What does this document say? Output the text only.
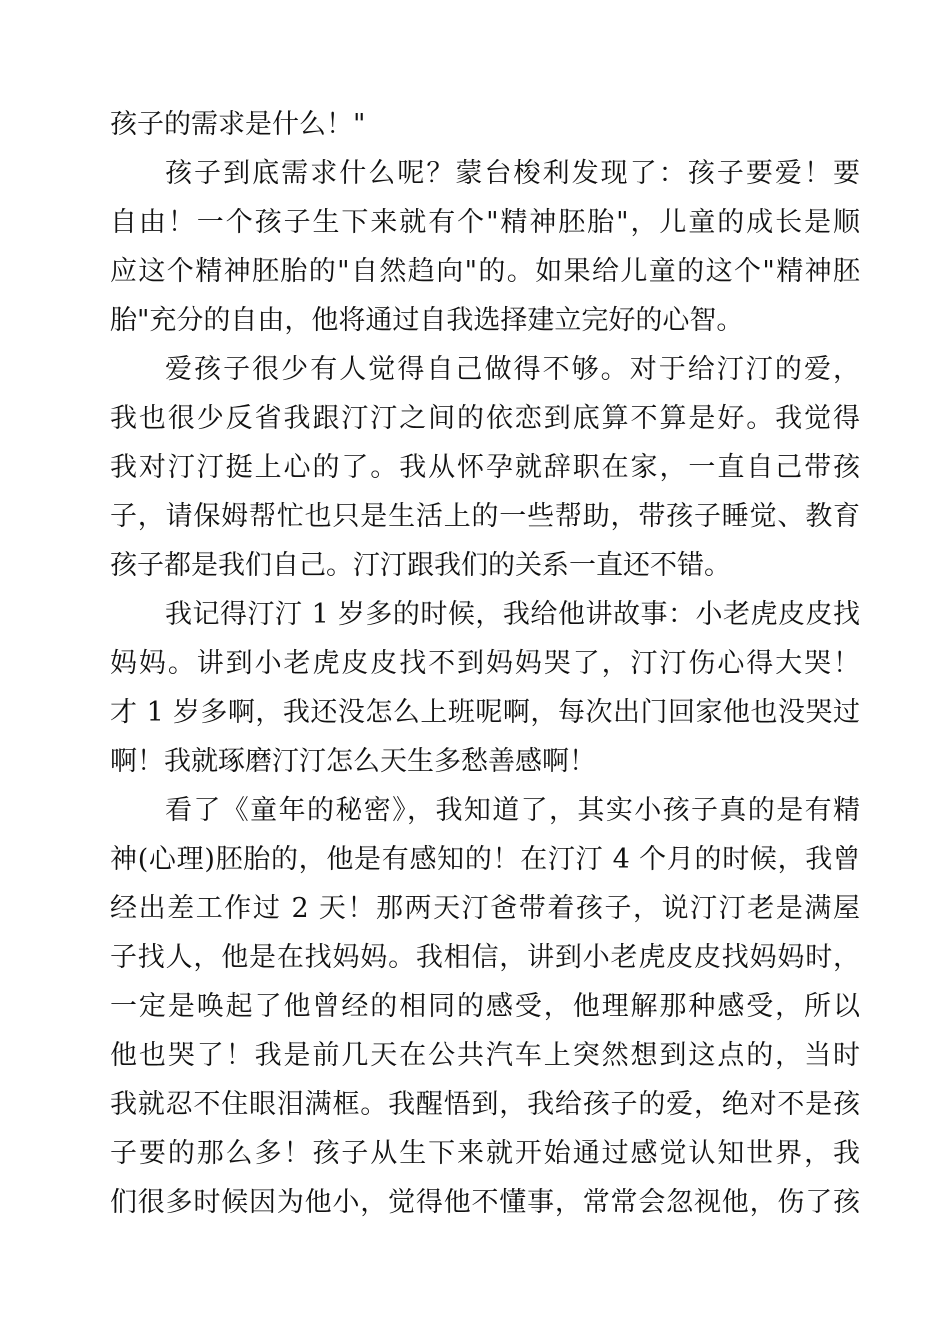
孩子的需求是什么！"

孩子到底需求什么呢？蒙台梭利发现了：孩子要爱！要
自由！一个孩子生下来就有个"精神胚胎"，儿童的成长是顺
应这个精神胚胎的"自然趋向"的。如果给儿童的这个"精神胚
胎"充分的自由，他将通过自我选择建立完好的心智。

爱孩子很少有人觉得自己做得不够。对于给汀汀的爱，
我也很少反省我跟汀汀之间的依恋到底算不算是好。我觉得
我对汀汀挺上心的了。我从怀孕就辞职在家，一直自己带孩
子，请保姆帮忙也只是生活上的一些帮助，带孩子睡觉、教育
孩子都是我们自己。汀汀跟我们的关系一直还不错。

我记得汀汀 1 岁多的时候，我给他讲故事：小老虎皮皮找
妈妈。讲到小老虎皮皮找不到妈妈哭了，汀汀伤心得大哭！
才 1 岁多啊，我还没怎么上班呢啊，每次出门回家他也没哭过
啊！我就琢磨汀汀怎么天生多愁善感啊！

看了《童年的秘密》，我知道了，其实小孩子真的是有精
神(心理)胚胎的，他是有感知的！在汀汀 4 个月的时候，我曾
经出差工作过 2 天！那两天汀爸带着孩子，说汀汀老是满屋
子找人，他是在找妈妈。我相信，讲到小老虎皮皮找妈妈时，
一定是唤起了他曾经的相同的感受，他理解那种感受，所以
他也哭了！我是前几天在公共汽车上突然想到这点的，当时
我就忍不住眼泪满框。我醒悟到，我给孩子的爱，绝对不是孩
子要的那么多！孩子从生下来就开始通过感觉认知世界，我
们很多时候因为他小，觉得他不懂事，常常会忽视他，伤了孩
